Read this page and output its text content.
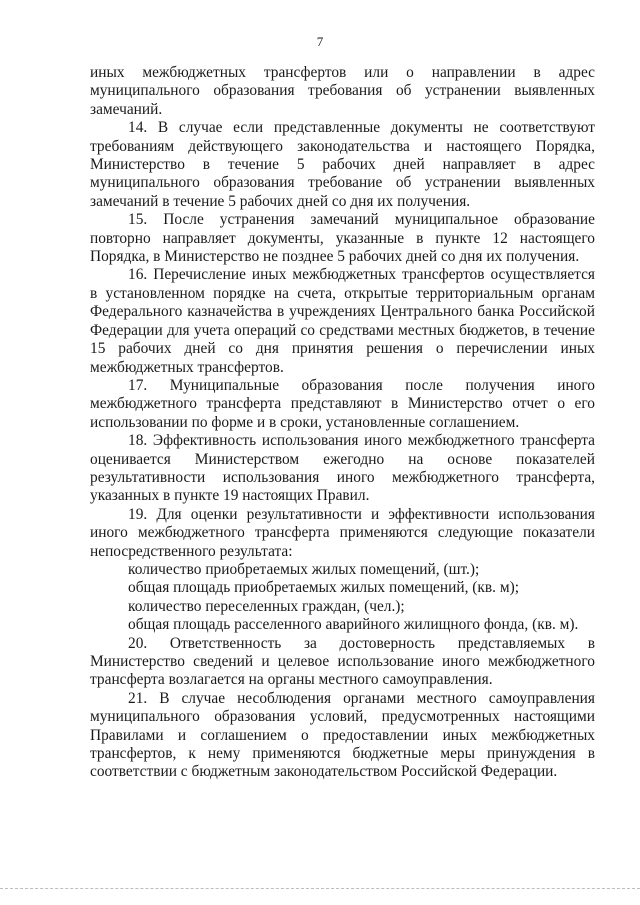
7

иных межбюджетных трансфертов или о направлении в адрес муниципального образования требования об устранении выявленных замечаний.

14. В случае если представленные документы не соответствуют требованиям действующего законодательства и настоящего Порядка, Министерство в течение 5 рабочих дней направляет в адрес муниципального образования требование об устранении выявленных замечаний в течение 5 рабочих дней со дня их получения.

15. После устранения замечаний муниципальное образование повторно направляет документы, указанные в пункте 12 настоящего Порядка, в Министерство не позднее 5 рабочих дней со дня их получения.

16. Перечисление иных межбюджетных трансфертов осуществляется в установленном порядке на счета, открытые территориальным органам Федерального казначейства в учреждениях Центрального банка Российской Федерации для учета операций со средствами местных бюджетов, в течение 15 рабочих дней со дня принятия решения о перечислении иных межбюджетных трансфертов.

17. Муниципальные образования после получения иного межбюджетного трансферта представляют в Министерство отчет о его использовании по форме и в сроки, установленные соглашением.

18. Эффективность использования иного межбюджетного трансферта оценивается Министерством ежегодно на основе показателей результативности использования иного межбюджетного трансферта, указанных в пункте 19 настоящих Правил.

19. Для оценки результативности и эффективности использования иного межбюджетного трансферта применяются следующие показатели непосредственного результата:

количество приобретаемых жилых помещений, (шт.);

общая площадь приобретаемых жилых помещений, (кв. м);

количество переселенных граждан, (чел.);

общая площадь расселенного аварийного жилищного фонда, (кв. м).

20. Ответственность за достоверность представляемых в Министерство сведений и целевое использование иного межбюджетного трансферта возлагается на органы местного самоуправления.

21. В случае несоблюдения органами местного самоуправления муниципального образования условий, предусмотренных настоящими Правилами и соглашением о предоставлении иных межбюджетных трансфертов, к нему применяются бюджетные меры принуждения в соответствии с бюджетным законодательством Российской Федерации.
